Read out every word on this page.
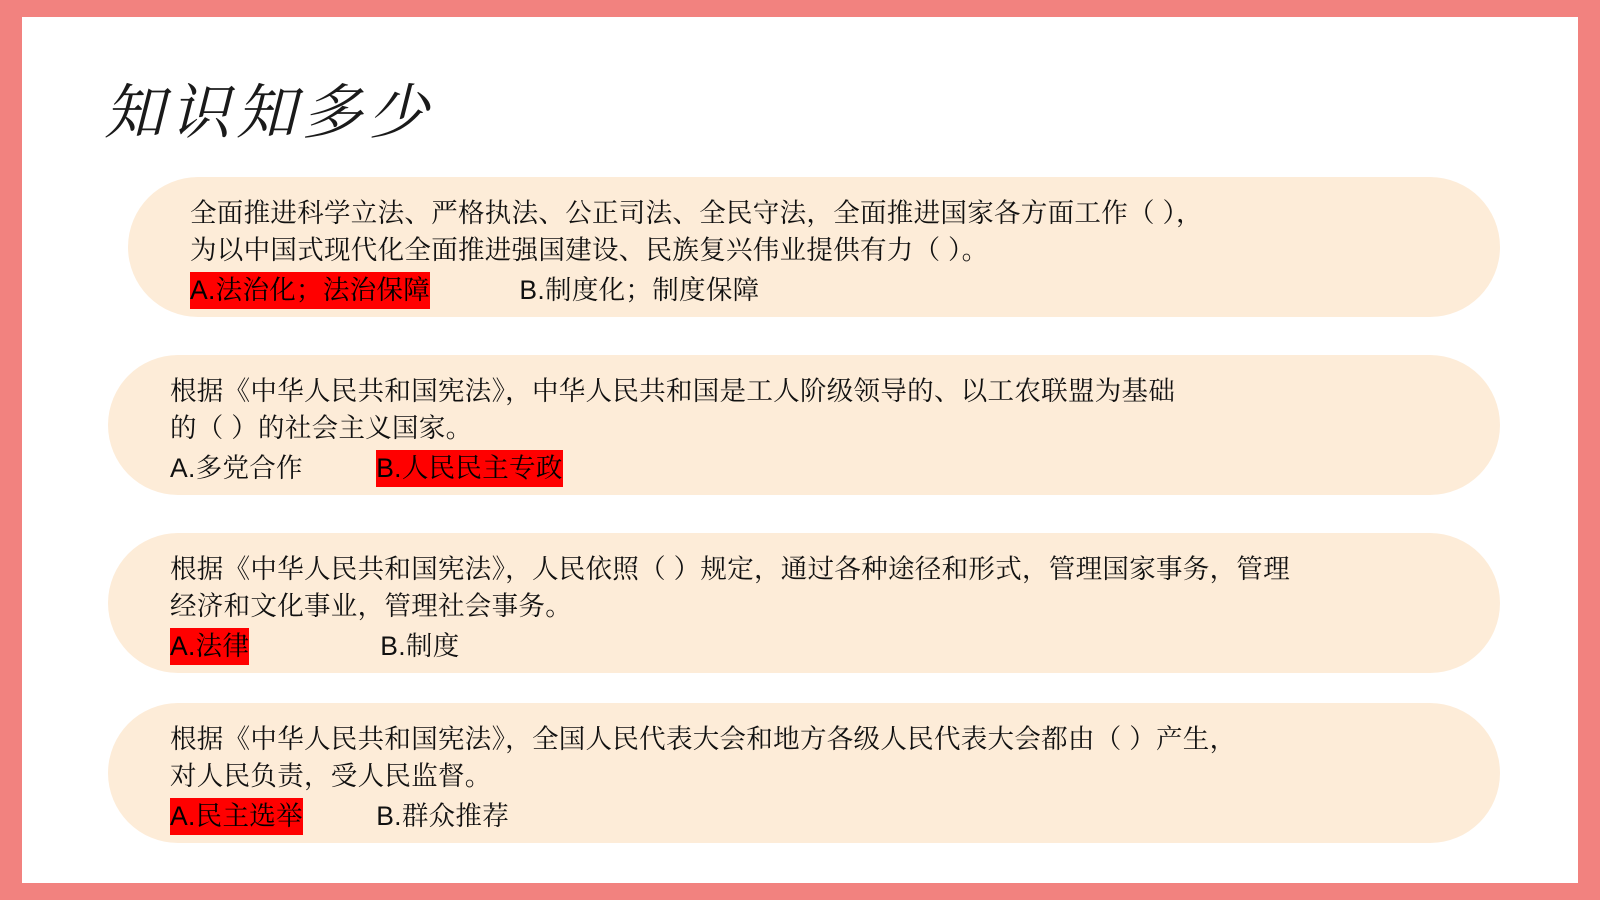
知识知多少
全面推进科学立法、严格执法、公正司法、全民守法，全面推进国家各方面工作（ ），
为以中国式现代化全面推进强国建设、民族复兴伟业提供有力（ ）。
A.法治化；法治保障	B.制度化；制度保障
根据《中华人民共和国宪法》，中华人民共和国是工人阶级领导的、以工农联盟为基础
的（ ）的社会主义国家。
A.多党合作	B.人民民主专政
根据《中华人民共和国宪法》，人民依照（ ）规定，通过各种途径和形式，管理国家事务，管理
经济和文化事业，管理社会事务。
A.法律	B.制度
根据《中华人民共和国宪法》，全国人民代表大会和地方各级人民代表大会都由（ ）产生，
对人民负责，受人民监督。
A.民主选举	B.群众推荐
